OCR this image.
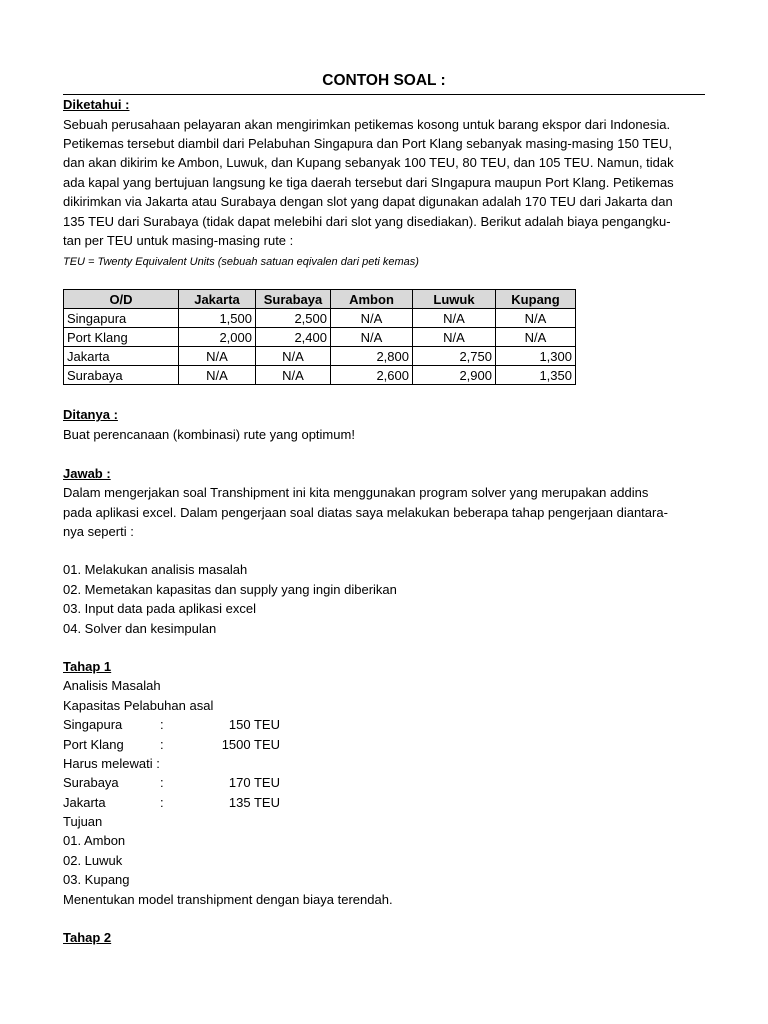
CONTOH SOAL :
Diketahui :
Sebuah perusahaan pelayaran akan mengirimkan petikemas kosong untuk barang ekspor dari Indonesia.
Petikemas tersebut diambil dari Pelabuhan Singapura dan Port Klang sebanyak masing-masing 150 TEU,
dan akan dikirim ke Ambon, Luwuk, dan Kupang sebanyak 100 TEU, 80 TEU, dan 105 TEU. Namun, tidak
ada kapal yang bertujuan langsung ke tiga daerah tersebut dari SIngapura maupun Port Klang. Petikemas
dikirimkan via Jakarta atau Surabaya dengan slot yang dapat digunakan adalah 170 TEU dari Jakarta dan
135 TEU dari Surabaya (tidak dapat melebihi dari slot yang disediakan). Berikut adalah biaya pengangku-
tan per TEU untuk masing-masing rute :
TEU = Twenty Equivalent Units (sebuah satuan eqivalen dari peti kemas)
O/D	Jakarta	Surabaya	Ambon	Luwuk	Kupang
Singapura	1,500	2,500	N/A	N/A	N/A
Port Klang	2,000	2,400	N/A	N/A	N/A
Jakarta	N/A	N/A	2,800	2,750	1,300
Surabaya	N/A	N/A	2,600	2,900	1,350
Ditanya :
Buat perencanaan (kombinasi) rute yang optimum!
Jawab :
Dalam mengerjakan soal Transhipment ini kita menggunakan program solver yang merupakan addins
pada aplikasi excel. Dalam pengerjaan soal diatas saya melakukan beberapa tahap pengerjaan diantara-
nya seperti :
01. Melakukan analisis masalah
02. Memetakan kapasitas dan supply yang ingin diberikan
03. Input data pada aplikasi excel
04. Solver dan kesimpulan
Tahap 1
Analisis Masalah
Kapasitas Pelabuhan asal
Singapura	:	150 TEU
Port Klang	:	1500 TEU
Harus melewati :
Surabaya	:	170 TEU
Jakarta	:	135 TEU
Tujuan
01. Ambon
02. Luwuk
03. Kupang
Menentukan model transhipment dengan biaya terendah.
Tahap 2
